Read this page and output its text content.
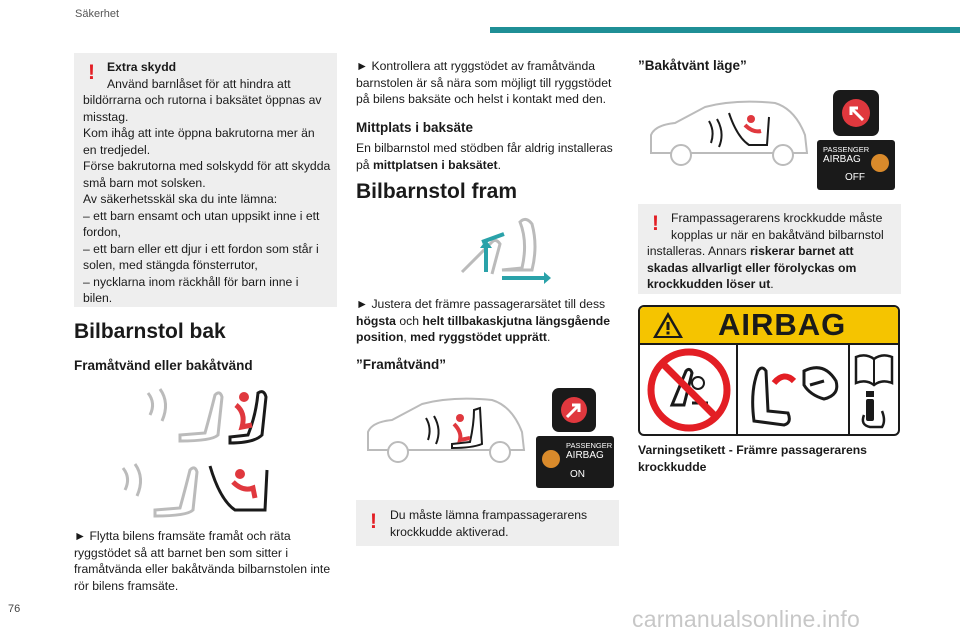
Säkerhet
! Extra skydd

Använd barnlåset för att hindra att

bildörrarna och rutorna i baksätet öppnas av

misstag.

Kom ihåg att inte öppna bakrutorna mer än

en tredjedel.

Förse bakrutorna med solskydd för att skydda

små barn mot solsken.

Av säkerhetsskäl ska du inte lämna:

– ett barn ensamt och utan uppsikt inne i ett

fordon,

– ett barn eller ett djur i ett fordon som står i

solen, med stängda fönsterrutor,

– nycklarna inom räckhåll för barn inne i

bilen.

Bilbarnstol bak
Framåtvänd eller bakåtvänd

► Flytta bilens framsäte framåt och räta

ryggstödet så att barnet ben som sitter i

framåtvända eller bakåtvända bilbarnstolen inte

rör bilens framsäte.

► Kontrollera att ryggstödet av framåtvända

barnstolen är så nära som möjligt till ryggstödet

på bilens baksäte och helst i kontakt med den.

Mittplats i baksäte

En bilbarnstol med stödben får aldrig installeras

på mittplatsen i baksätet.

Bilbarnstol fram

► Justera det främre passagerarsätet till dess

högsta och helt tillbakaskjutna längsgående

position, med ryggstödet upprätt.

”Framåtvänd”
PASSENGER
AIRBAG
ON
! Du måste lämna frampassagerarens

krockkudde aktiverad.

”Bakåtvänt läge”
PASSENGER
AIRBAG
OFF
! Frampassagerarens krockkudde måste

kopplas ur när en bakåtvänd bilbarnstol

installeras. Annars riskerar barnet att

skadas allvarligt eller förolyckas om

krockkudden löser ut.

AIRBAG

Varningsetikett - Främre passagerarens

krockkudde

76	carmanualsonline.info
